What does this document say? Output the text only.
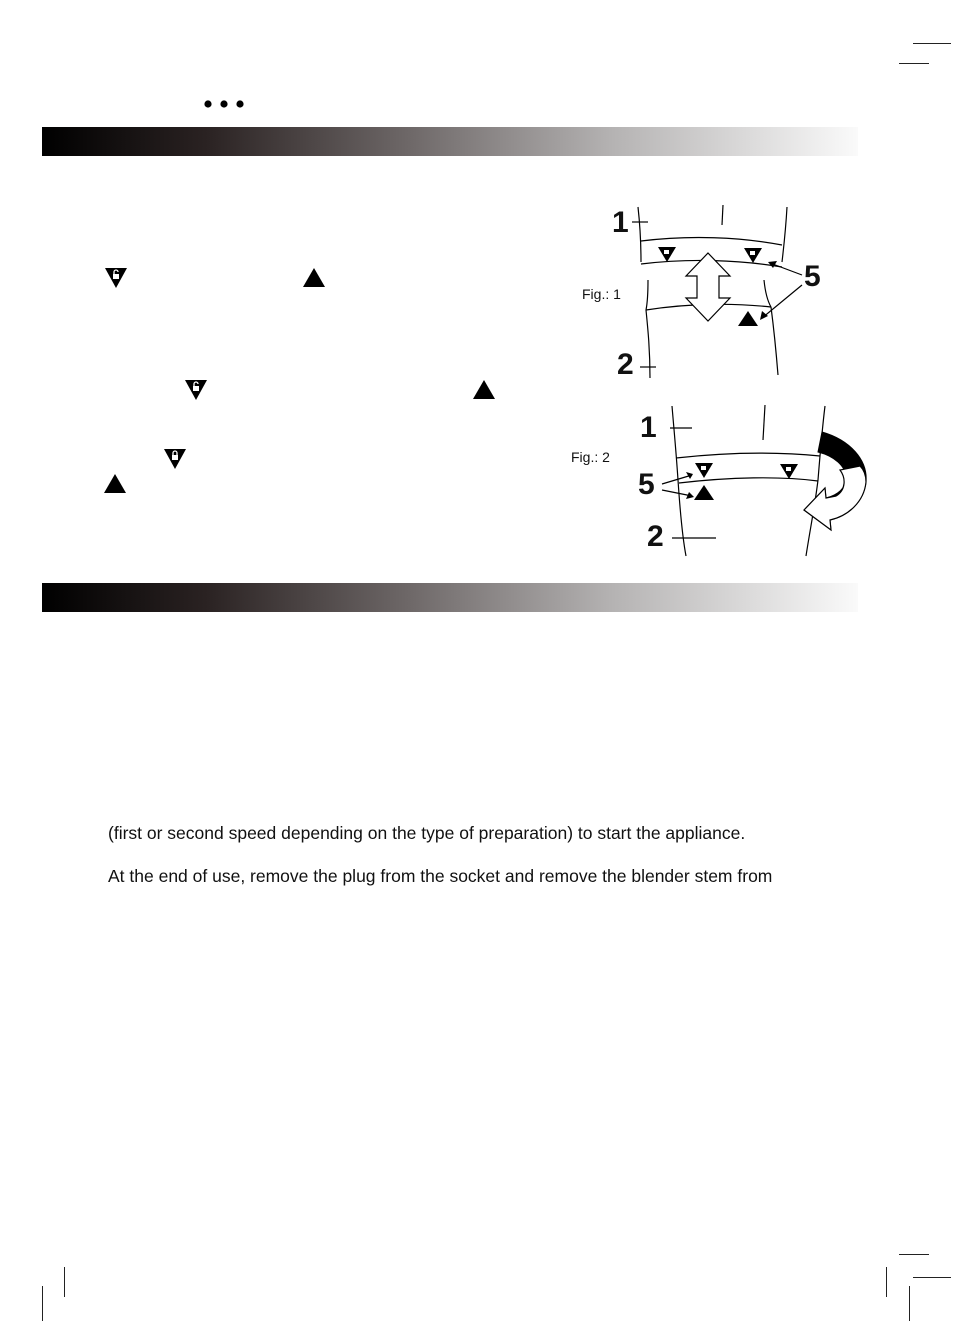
Fig.: 1
1
2
5
Fig.: 2
1
5
2
(first or second speed depending on the type of preparation) to start the appliance.
At the end of use, remove the plug from the socket and remove the blender stem from
